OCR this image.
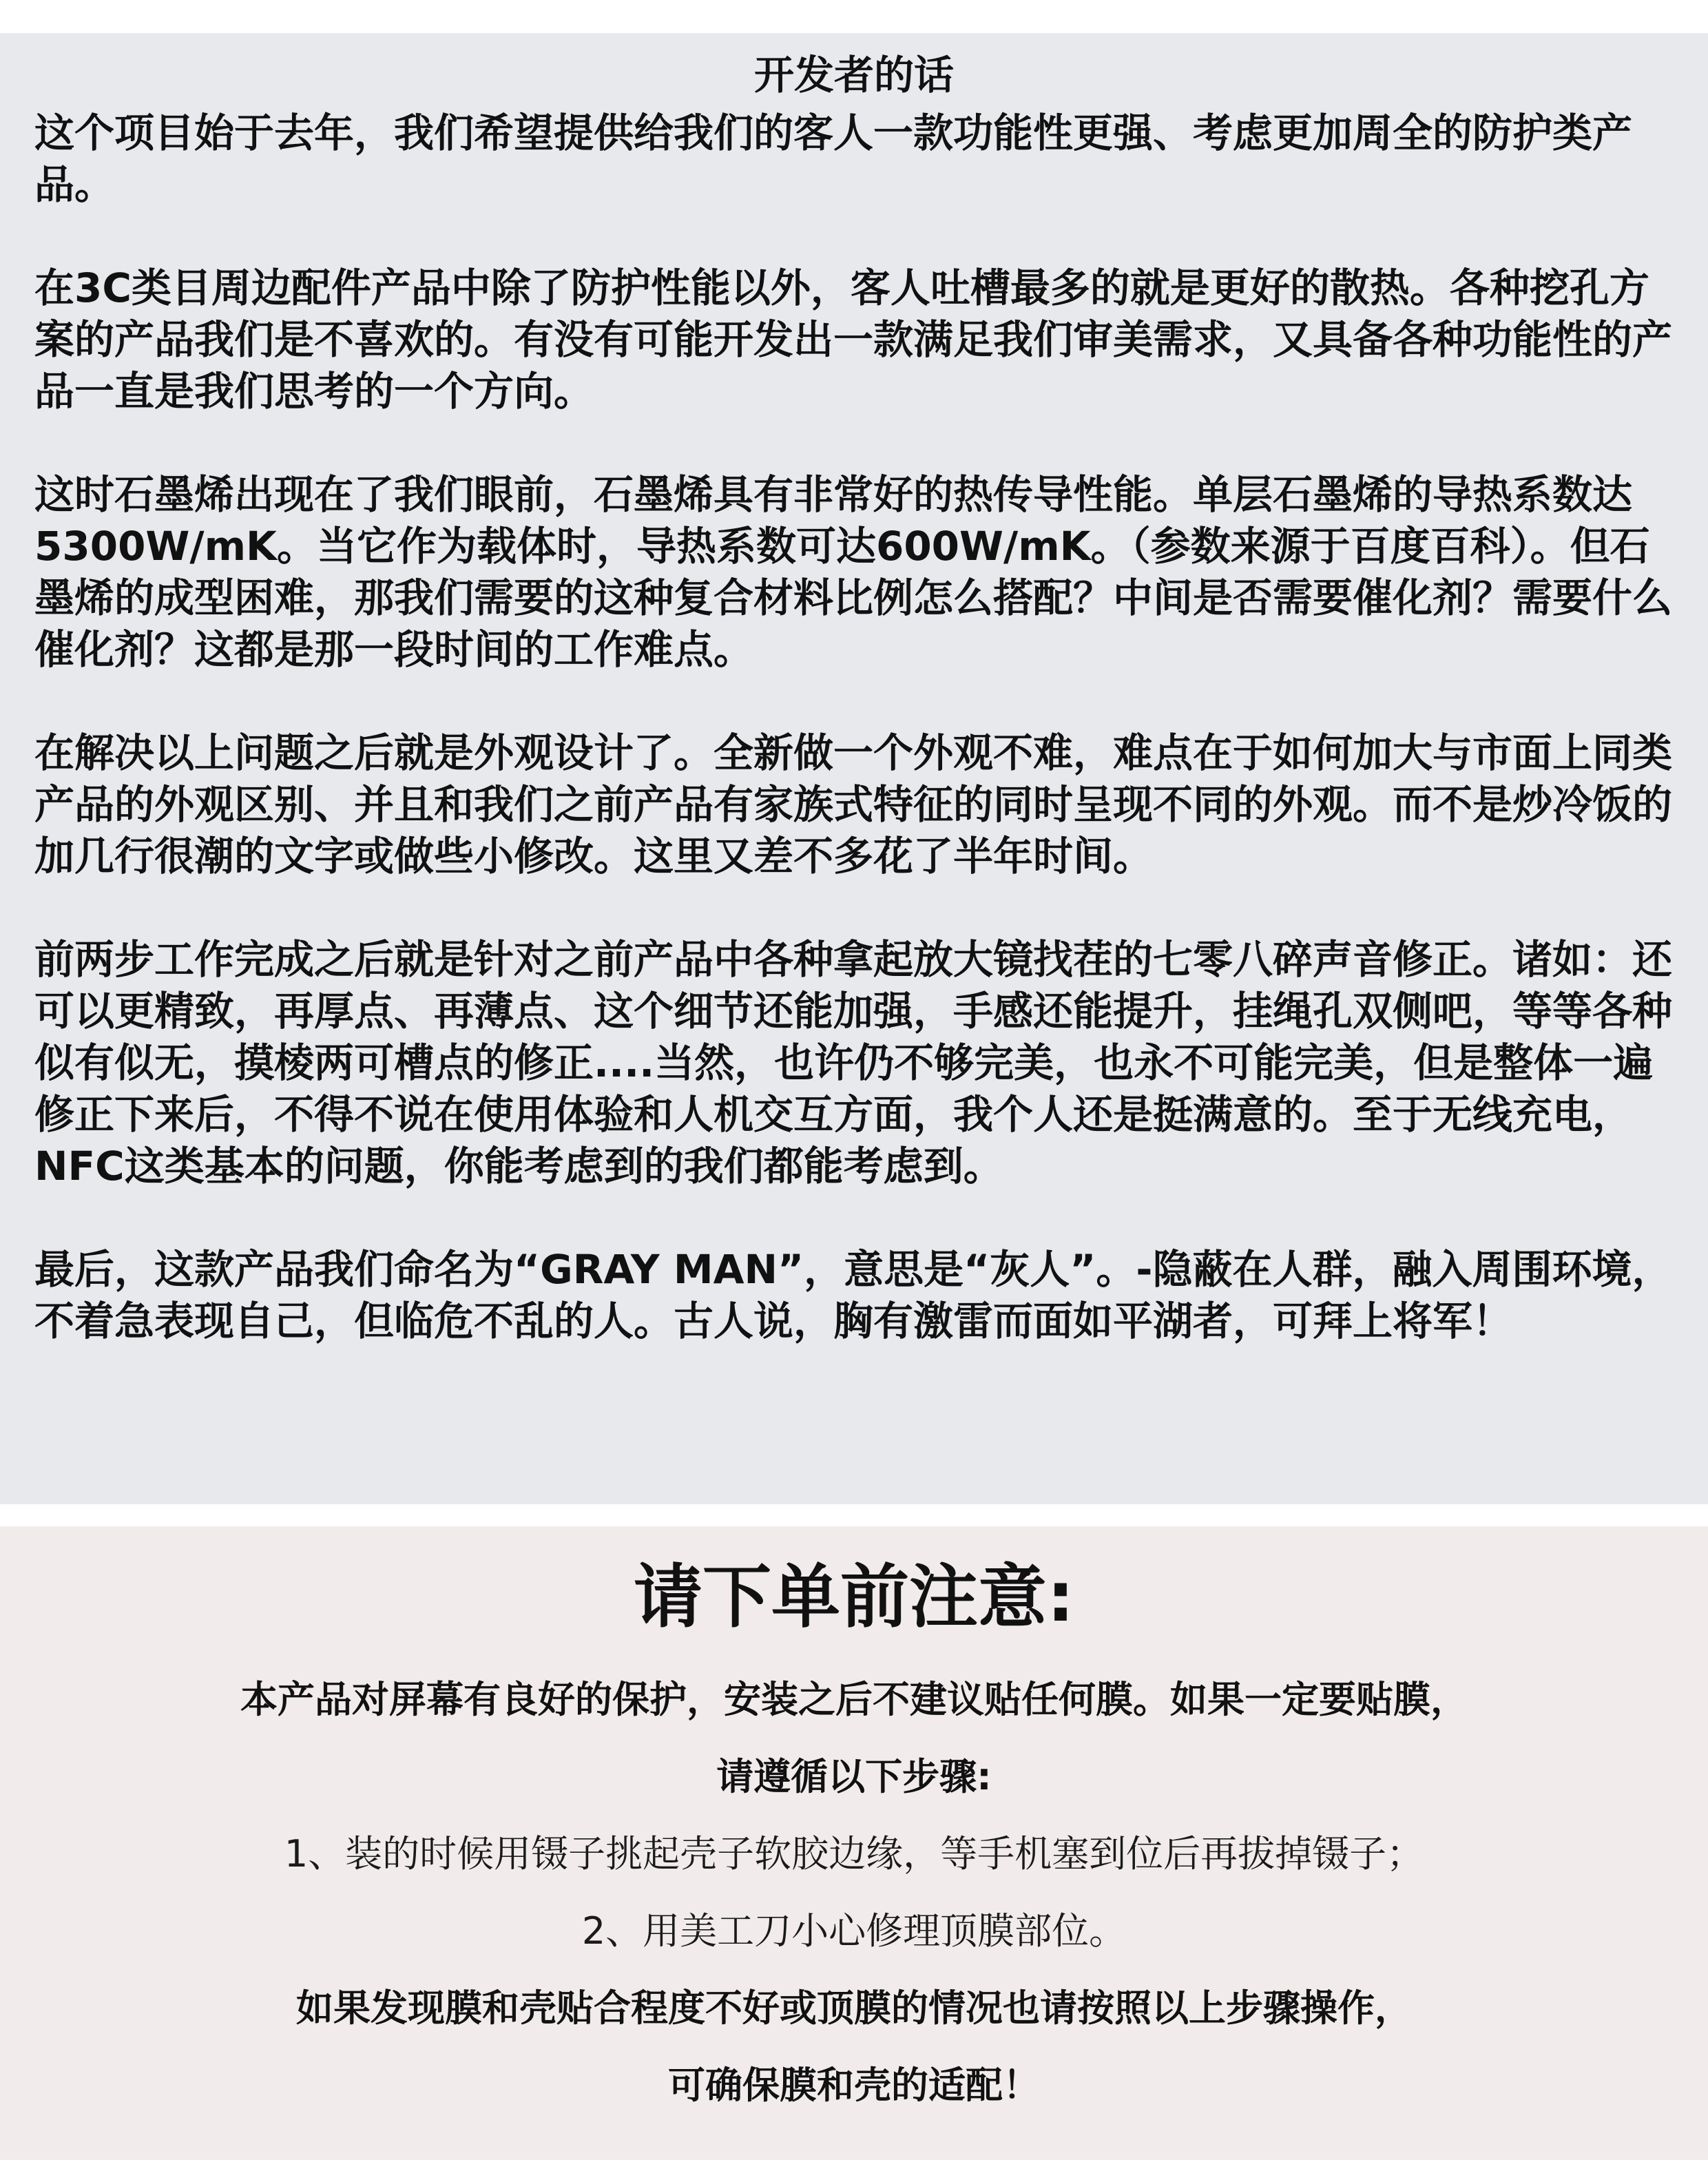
开发者的话

这个项目始于去年，我们希望提供给我们的客人一款功能性更强、考虑更加周全的防护类产品。

在3C类目周边配件产品中除了防护性能以外，客人吐槽最多的就是更好的散热。各种挖孔方案的产品我们是不喜欢的。有没有可能开发出一款满足我们审美需求，又具备各种功能性的产品一直是我们思考的一个方向。

这时石墨烯出现在了我们眼前，石墨烯具有非常好的热传导性能。单层石墨烯的导热系数达5300W/mK。当它作为载体时，导热系数可达600W/mK。（参数来源于百度百科）。但石墨烯的成型困难，那我们需要的这种复合材料比例怎么搭配？中间是否需要催化剂？需要什么催化剂？这都是那一段时间的工作难点。

在解决以上问题之后就是外观设计了。全新做一个外观不难，难点在于如何加大与市面上同类产品的外观区别、并且和我们之前产品有家族式特征的同时呈现不同的外观。而不是炒冷饭的加几行很潮的文字或做些小修改。这里又差不多花了半年时间。

前两步工作完成之后就是针对之前产品中各种拿起放大镜找茬的七零八碎声音修正。诸如：还可以更精致，再厚点、再薄点、这个细节还能加强，手感还能提升，挂绳孔双侧吧，等等各种似有似无，摸棱两可槽点的修正....当然，也许仍不够完美，也永不可能完美，但是整体一遍修正下来后，不得不说在使用体验和人机交互方面，我个人还是挺满意的。至于无线充电，NFC这类基本的问题，你能考虑到的我们都能考虑到。

最后，这款产品我们命名为“GRAY MAN”，意思是“灰人”。-隐蔽在人群，融入周围环境，不着急表现自己，但临危不乱的人。古人说，胸有激雷而面如平湖者，可拜上将军！

请下单前注意:

本产品对屏幕有良好的保护，安装之后不建议贴任何膜。如果一定要贴膜，

请遵循以下步骤:

1、装的时候用镊子挑起壳子软胶边缘，等手机塞到位后再拔掉镊子；

2、用美工刀小心修理顶膜部位。

如果发现膜和壳贴合程度不好或顶膜的情况也请按照以上步骤操作，

可确保膜和壳的适配！
